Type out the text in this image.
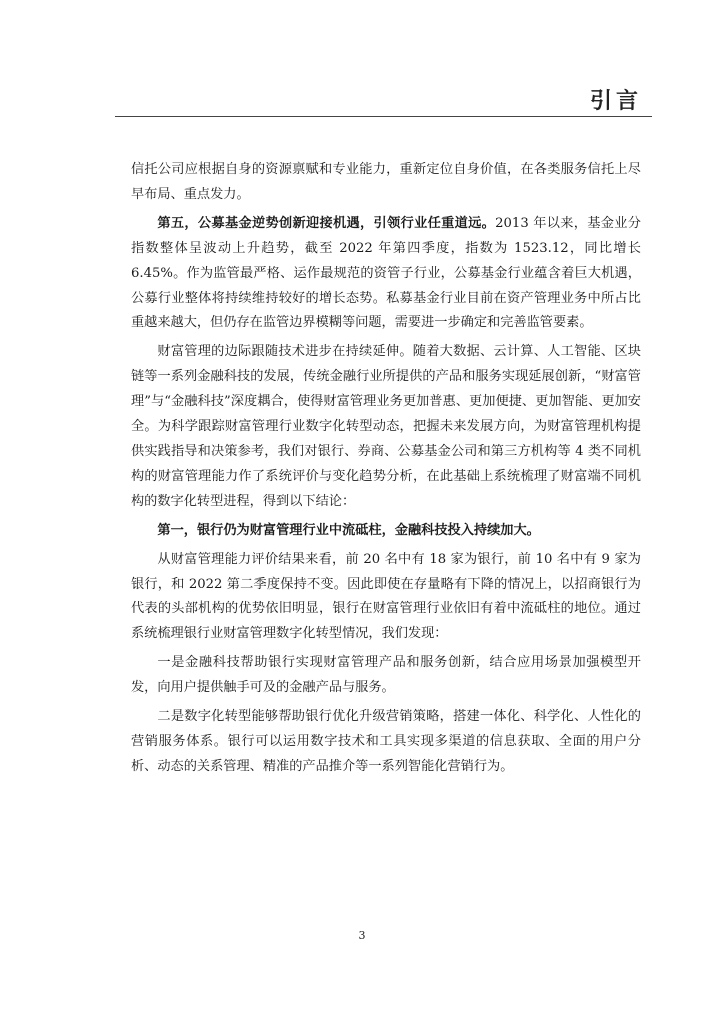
引言

信托公司应根据自身的资源禀赋和专业能力，重新定位自身价值，在各类服务信托上尽早布局、重点发力。

第五，公募基金逆势创新迎接机遇，引领行业任重道远。2013 年以来，基金业分指数整体呈波动上升趋势，截至 2022 年第四季度，指数为 1523.12，同比增长 6.45%。作为监管最严格、运作最规范的资管子行业，公募基金行业蕴含着巨大机遇，公募行业整体将持续维持较好的增长态势。私募基金行业目前在资产管理业务中所占比重越来越大，但仍存在监管边界模糊等问题，需要进一步确定和完善监管要素。

财富管理的边际跟随技术进步在持续延伸。随着大数据、云计算、人工智能、区块链等一系列金融科技的发展，传统金融行业所提供的产品和服务实现延展创新，“财富管理”与“金融科技”深度耦合，使得财富管理业务更加普惠、更加便捷、更加智能、更加安全。为科学跟踪财富管理行业数字化转型动态，把握未来发展方向，为财富管理机构提供实践指导和决策参考，我们对银行、券商、公募基金公司和第三方机构等 4 类不同机构的财富管理能力作了系统评价与变化趋势分析，在此基础上系统梳理了财富端不同机构的数字化转型进程，得到以下结论：

第一，银行仍为财富管理行业中流砥柱，金融科技投入持续加大。

从财富管理能力评价结果来看，前 20 名中有 18 家为银行，前 10 名中有 9 家为银行，和 2022 第二季度保持不变。因此即使在存量略有下降的情况上，以招商银行为代表的头部机构的优势依旧明显，银行在财富管理行业依旧有着中流砥柱的地位。通过系统梳理银行业财富管理数字化转型情况，我们发现：

一是金融科技帮助银行实现财富管理产品和服务创新，结合应用场景加强模型开发，向用户提供触手可及的金融产品与服务。

二是数字化转型能够帮助银行优化升级营销策略，搭建一体化、科学化、人性化的营销服务体系。银行可以运用数字技术和工具实现多渠道的信息获取、全面的用户分析、动态的关系管理、精准的产品推介等一系列智能化营销行为。

3
